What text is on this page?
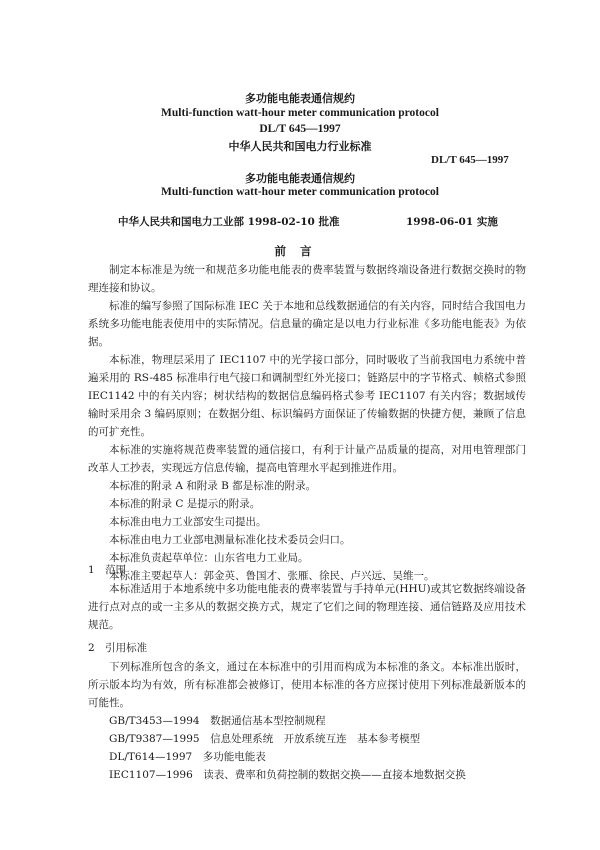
多功能电能表通信规约
Multi-function watt-hour meter communication protocol
DL/T 645—1997
中华人民共和国电力行业标准
DL/T 645—1997
多功能电能表通信规约
Multi-function watt-hour meter communication protocol
中华人民共和国电力工业部 1998-02-10 批准	1998-06-01 实施
前言

制定本标准是为统一和规范多功能电能表的费率装置与数据终端设备进行数据交换时的物理连接和协议。

标准的编写参照了国际标准 IEC 关于本地和总线数据通信的有关内容，同时结合我国电力系统多功能电能表使用中的实际情况。信息量的确定是以电力行业标准《多功能电能表》为依据。

本标准，物理层采用了 IEC1107 中的光学接口部分，同时吸收了当前我国电力系统中普遍采用的 RS-485 标准串行电气接口和调制型红外光接口；链路层中的字节格式、帧格式参照 IEC1142 中的有关内容；树状结构的数据信息编码格式参考 IEC1107 有关内容；数据域传输时采用余 3 编码原则；在数据分组、标识编码方面保证了传输数据的快捷方便，兼顾了信息的可扩充性。

本标准的实施将规范费率装置的通信接口，有利于计量产品质量的提高，对用电管理部门改革人工抄表，实现远方信息传输，提高电管理水平起到推进作用。

本标准的附录 A 和附录 B 都是标准的附录。

本标准的附录 C 是提示的附录。

本标准由电力工业部安生司提出。

本标准由电力工业部电测量标准化技术委员会归口。

本标准负责起草单位：山东省电力工业局。

本标准主要起草人：郭金英、鲁国才、张雁、徐民、卢兴远、吴维一。

1　范围

本标准适用于本地系统中多功能电能表的费率装置与手持单元(HHU)或其它数据终端设备进行点对点的或一主多从的数据交换方式，规定了它们之间的物理连接、通信链路及应用技术规范。

2　引用标准

下列标准所包含的条文，通过在本标准中的引用而构成为本标准的条文。本标准出版时，所示版本均为有效，所有标准都会被修订，使用本标准的各方应探讨使用下列标准最新版本的可能性。

GB/T3453—1994　数据通信基本型控制规程
GB/T9387—1995　信息处理系统　开放系统互连　基本参考模型
DL/T614—1997　多功能电能表
IEC1107—1996　读表、费率和负荷控制的数据交换——直接本地数据交换
